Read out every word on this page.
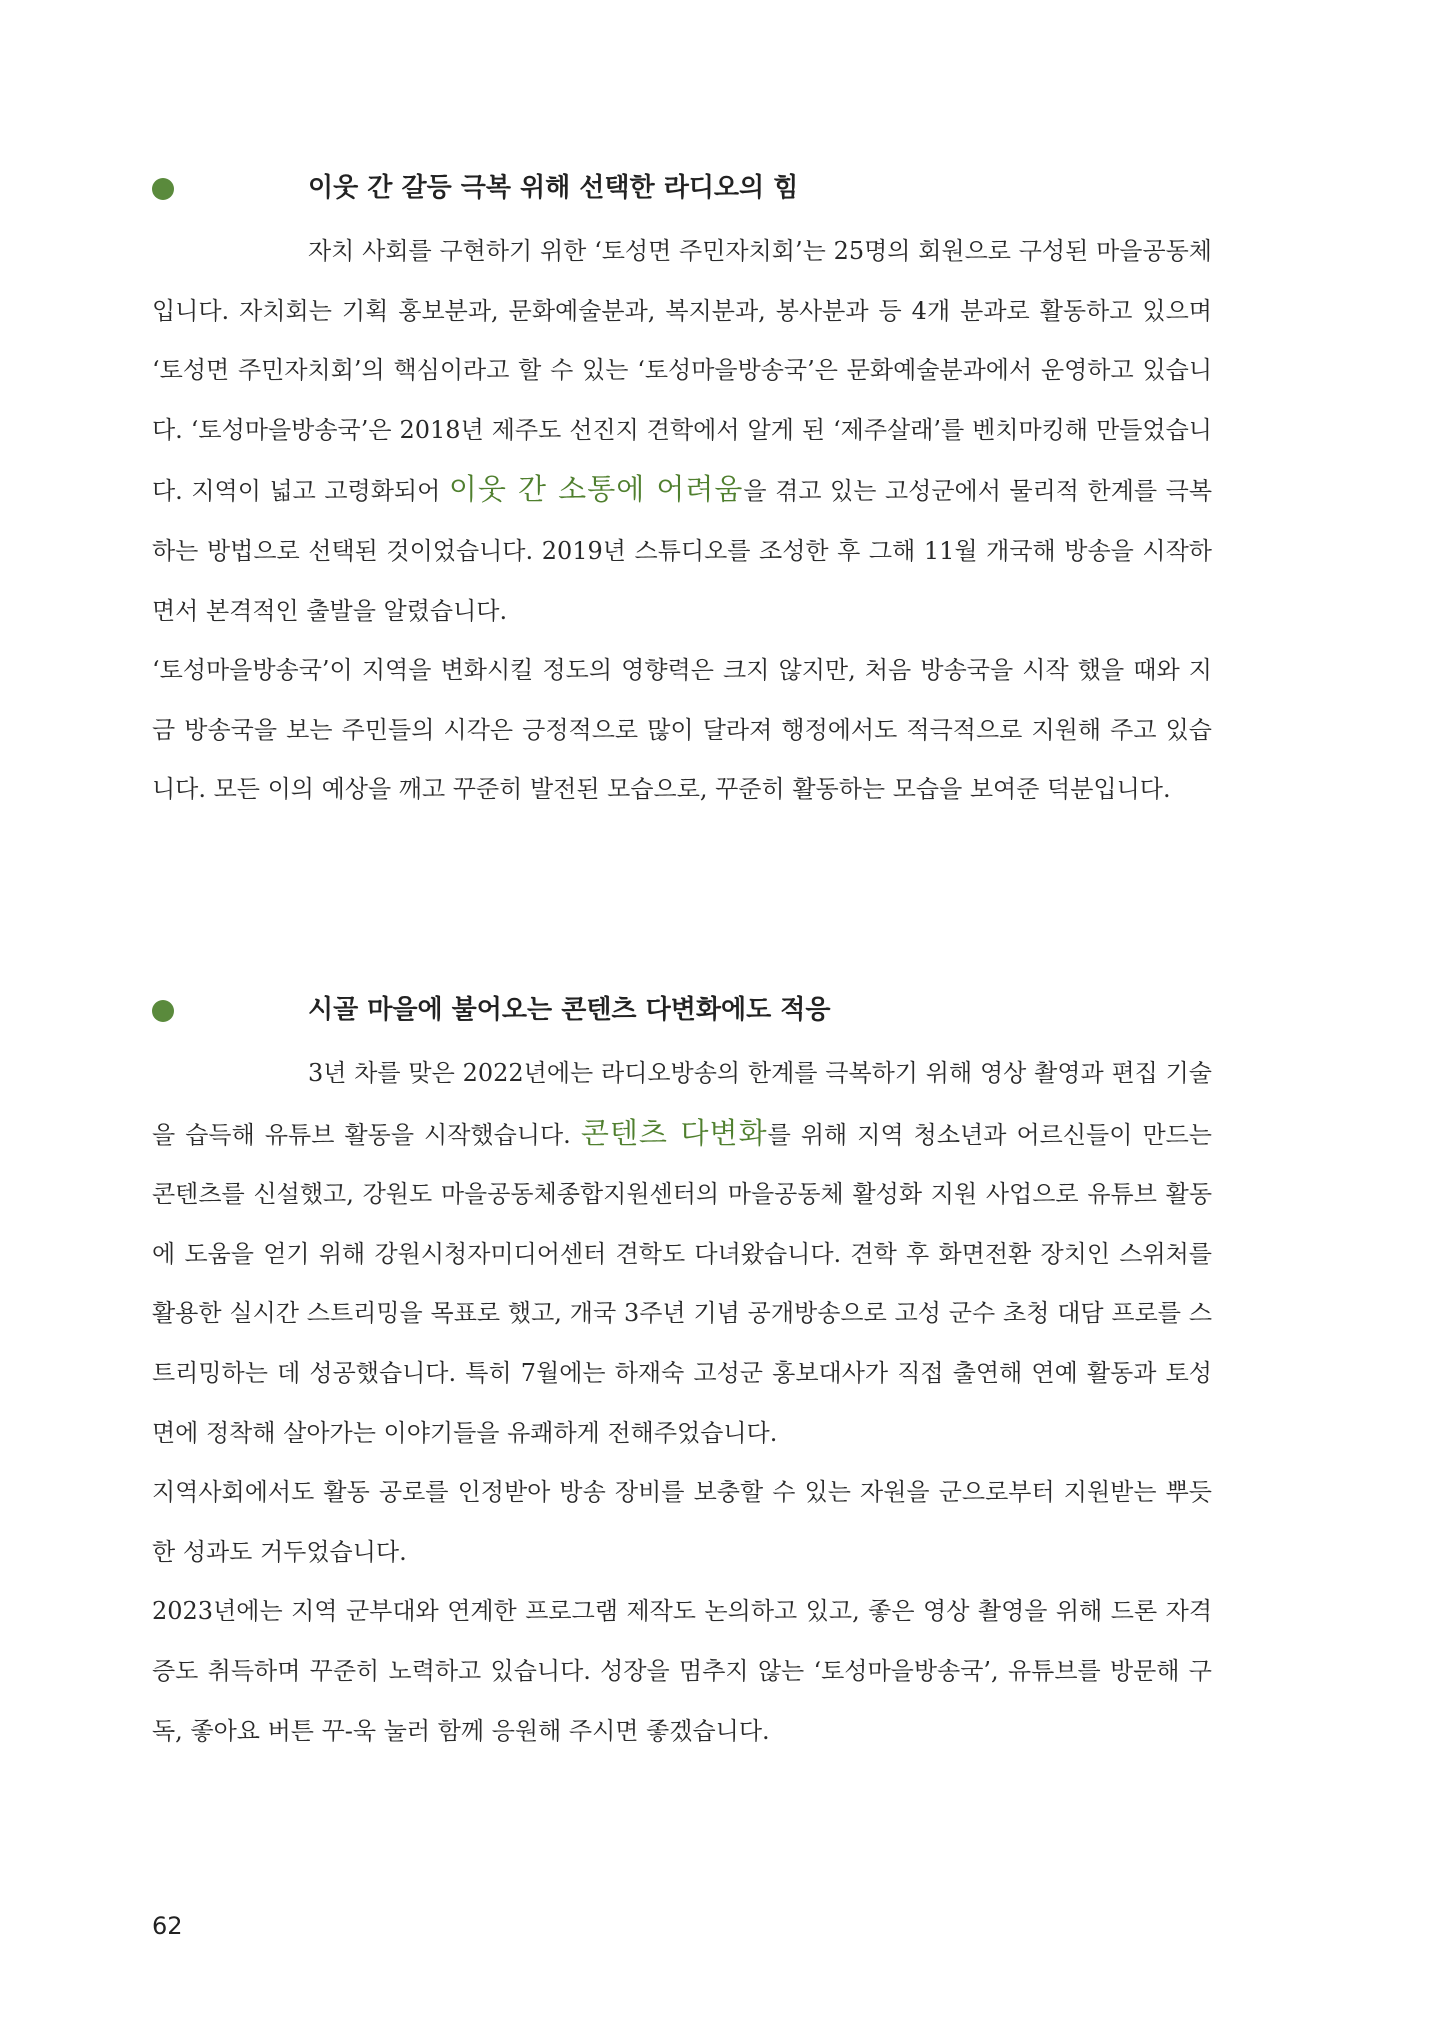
이웃 간 갈등 극복 위해 선택한 라디오의 힘

자치 사회를 구현하기 위한 ‘토성면 주민자치회’는 25명의 회원으로 구성된 마을공동체입니다. 자치회는 기획 홍보분과, 문화예술분과, 복지분과, 봉사분과 등 4개 분과로 활동하고 있으며 ‘토성면 주민자치회’의 핵심이라고 할 수 있는 ‘토성마을방송국’은 문화예술분과에서 운영하고 있습니다. ‘토성마을방송국’은 2018년 제주도 선진지 견학에서 알게 된 ‘제주살래’를 벤치마킹해 만들었습니다. 지역이 넓고 고령화되어 이웃 간 소통에 어려움을 겪고 있는 고성군에서 물리적 한계를 극복하는 방법으로 선택된 것이었습니다. 2019년 스튜디오를 조성한 후 그해 11월 개국해 방송을 시작하면서 본격적인 출발을 알렸습니다.

‘토성마을방송국’이 지역을 변화시킬 정도의 영향력은 크지 않지만, 처음 방송국을 시작 했을 때와 지금 방송국을 보는 주민들의 시각은 긍정적으로 많이 달라져 행정에서도 적극적으로 지원해 주고 있습니다. 모든 이의 예상을 깨고 꾸준히 발전된 모습으로, 꾸준히 활동하는 모습을 보여준 덕분입니다.

시골 마을에 불어오는 콘텐츠 다변화에도 적응

3년 차를 맞은 2022년에는 라디오방송의 한계를 극복하기 위해 영상 촬영과 편집 기술을 습득해 유튜브 활동을 시작했습니다. 콘텐츠 다변화를 위해 지역 청소년과 어르신들이 만드는 콘텐츠를 신설했고, 강원도 마을공동체종합지원센터의 마을공동체 활성화 지원 사업으로 유튜브 활동에 도움을 얻기 위해 강원시청자미디어센터 견학도 다녀왔습니다. 견학 후 화면전환 장치인 스위처를 활용한 실시간 스트리밍을 목표로 했고, 개국 3주년 기념 공개방송으로 고성 군수 초청 대담 프로를 스트리밍하는 데 성공했습니다. 특히 7월에는 하재숙 고성군 홍보대사가 직접 출연해 연예 활동과 토성면에 정착해 살아가는 이야기들을 유쾌하게 전해주었습니다.

지역사회에서도 활동 공로를 인정받아 방송 장비를 보충할 수 있는 자원을 군으로부터 지원받는 뿌듯한 성과도 거두었습니다.

2023년에는 지역 군부대와 연계한 프로그램 제작도 논의하고 있고, 좋은 영상 촬영을 위해 드론 자격증도 취득하며 꾸준히 노력하고 있습니다. 성장을 멈추지 않는 ‘토성마을방송국’, 유튜브를 방문해 구독, 좋아요 버튼 꾸-욱 눌러 함께 응원해 주시면 좋겠습니다.

62
